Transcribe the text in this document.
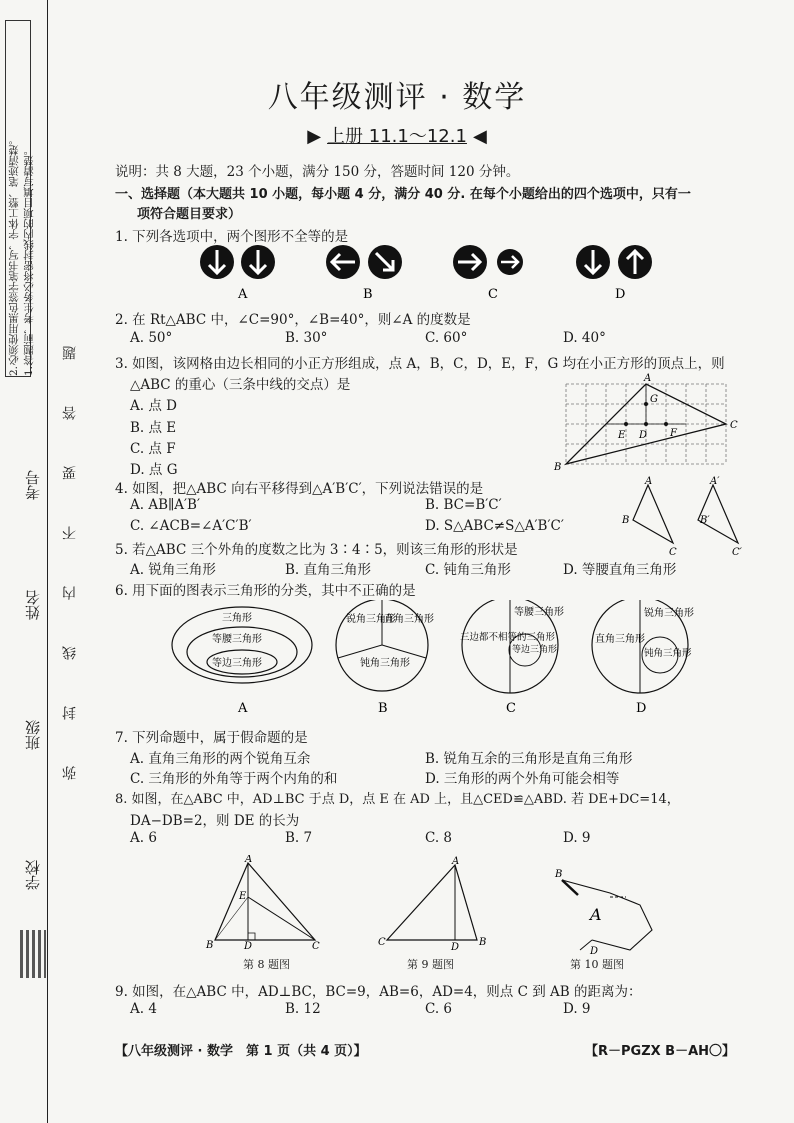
2.必须使用黑色签字笔书写，字体工整、笔迹清楚。 1.答题前，考生务必将密封线内的项目填写清楚。
考号
姓名
班级
学校
弥封线内不要答题
八年级测评 · 数学
▶ 上册 11.1～12.1 ◀
说明：共 8 大题，23 个小题，满分 150 分，答题时间 120 分钟。
一、选择题（本大题共 10 小题，每小题 4 分，满分 40 分. 在每个小题给出的四个选项中，只有一
项符合题目要求）
1. 下列各选项中，两个图形不全等的是
A	B	C	D
2. 在 Rt△ABC 中，∠C=90°，∠B=40°，则∠A 的度数是
A. 50°	B. 30°	C. 60°	D. 40°
3. 如图，该网格由边长相同的小正方形组成，点 A，B，C，D，E，F，G 均在小正方形的顶点上，则
△ABC 的重心（三条中线的交点）是
A. 点 D
B. 点 E
C. 点 F
D. 点 G
A
B
C
D
E	F
G
4. 如图，把△ABC 向右平移得到△A′B′C′，下列说法错误的是
A. AB∥A′B′	B. BC=B′C′
C. ∠ACB=∠A′C′B′	D. S△ABC≠S△A′B′C′
A	A′
B	B′
C	C′
5. 若△ABC 三个外角的度数之比为 3∶4∶5，则该三角形的形状是
A. 锐角三角形	B. 直角三角形	C. 钝角三角形	D. 等腰直角三角形
6. 用下面的图表示三角形的分类，其中不正确的是
三角形
等腰三角形
等边三角形
锐角三角形
直角三角形
钝角三角形
三边都不相等的三角形
等腰三角形
等边三角形
直角三角形
锐角三角形
钝角三角形
A	B	C	D
7. 下列命题中，属于假命题的是
A. 直角三角形的两个锐角互余	B. 锐角互余的三角形是直角三角形
C. 三角形的外角等于两个内角的和	D. 三角形的两个外角可能会相等
8. 如图，在△ABC 中，AD⊥BC 于点 D，点 E 在 AD 上，且△CED≌△ABD. 若 DE+DC=14，
DA−DB=2，则 DE 的长为
A. 6	B. 7	C. 8	D. 9
A
E
B	D	C
第 8 题图
A
C	D B
第 9 题图
B
A
D
第 10 题图
9. 如图，在△ABC 中，AD⊥BC，BC=9，AB=6，AD=4，则点 C 到 AB 的距离为：
A. 4	B. 12	C. 6	D. 9
【八年级测评 · 数学　第 1 页（共 4 页）】	【R－PGZX B－AH〇】
